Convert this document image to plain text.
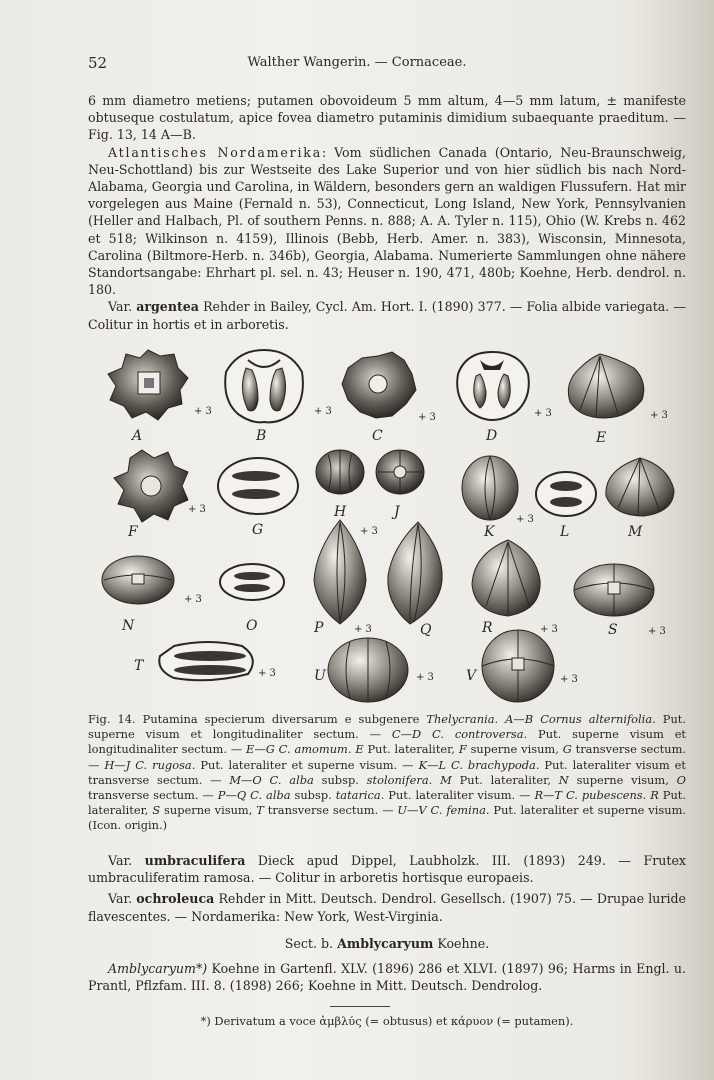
52	Walther Wangerin. — Cornaceae.

6 mm diametro metiens; putamen obovoideum 5 mm altum, 4—5 mm latum, ± manifeste obtuseque costulatum, apice fovea diametro putaminis dimidium subaequante praeditum. — Fig. 13, 14 A—B.

Atlantisches Nordamerika: Vom südlichen Canada (Ontario, Neu-Braunschweig, Neu-Schottland) bis zur Westseite des Lake Superior und von hier südlich bis nach Nord-Alabama, Georgia und Carolina, in Wäldern, besonders gern an waldigen Flussufern. Hat mir vorgelegen aus Maine (Fernald n. 53), Connecticut, Long Island, New York, Pennsylvanien (Heller and Halbach, Pl. of southern Penns. n. 888; A. A. Tyler n. 115), Ohio (W. Krebs n. 462 et 518; Wilkinson n. 4159), Illinois (Bebb, Herb. Amer. n. 383), Wisconsin, Minnesota, Carolina (Biltmore-Herb. n. 346b), Georgia, Alabama. Numerierte Sammlungen ohne nähere Standortsangabe: Ehrhart pl. sel. n. 43; Heuser n. 190, 471, 480b; Koehne, Herb. dendrol. n. 180.

Var. argentea Rehder in Bailey, Cycl. Am. Hort. I. (1890) 377. — Folia albide variegata. — Colitur in hortis et in arboretis.

+ 3
A
+ 3
B
+ 3
C
+ 3
D
+ 3
E
+ 3
F	G
H	J
+ 3
+ 3
K	L	M
+ 3
N	O	P	+ 3	Q	R	+ 3	S	+ 3
T	+ 3	U	+ 3 V	+ 3

Fig. 14. Putamina specierum diversarum e subgenere Thelycrania. A—B Cornus alternifolia. Put. superne visum et longitudinaliter sectum. — C—D C. controversa. Put. superne visum et longitudinaliter sectum. — E—G C. amomum. E Put. lateraliter, F superne visum, G transverse sectum. — H—J C. rugosa. Put. lateraliter et superne visum. — K—L C. brachypoda. Put. lateraliter visum et transverse sectum. — M—O C. alba subsp. stolonifera. M Put. lateraliter, N superne visum, O transverse sectum. — P—Q C. alba subsp. tatarica. Put. lateraliter visum. — R—T C. pubescens. R Put. lateraliter, S superne visum, T transverse sectum. — U—V C. femina. Put. lateraliter et superne visum. (Icon. origin.)

Var. umbraculifera Dieck apud Dippel, Laubholzk. III. (1893) 249. — Frutex umbraculiferatim ramosa. — Colitur in arboretis hortisque europaeis.

Var. ochroleuca Rehder in Mitt. Deutsch. Dendrol. Gesellsch. (1907) 75. — Drupae luride flavescentes. — Nordamerika: New York, West-Virginia.

Sect. b. Amblycaryum Koehne.

Amblycaryum*) Koehne in Gartenfl. XLV. (1896) 286 et XLVI. (1897) 96; Harms in Engl. u. Prantl, Pflzfam. III. 8. (1898) 266; Koehne in Mitt. Deutsch. Dendrolog.

*) Derivatum a voce ἀμβλύς (= obtusus) et κάρυον (= putamen).
